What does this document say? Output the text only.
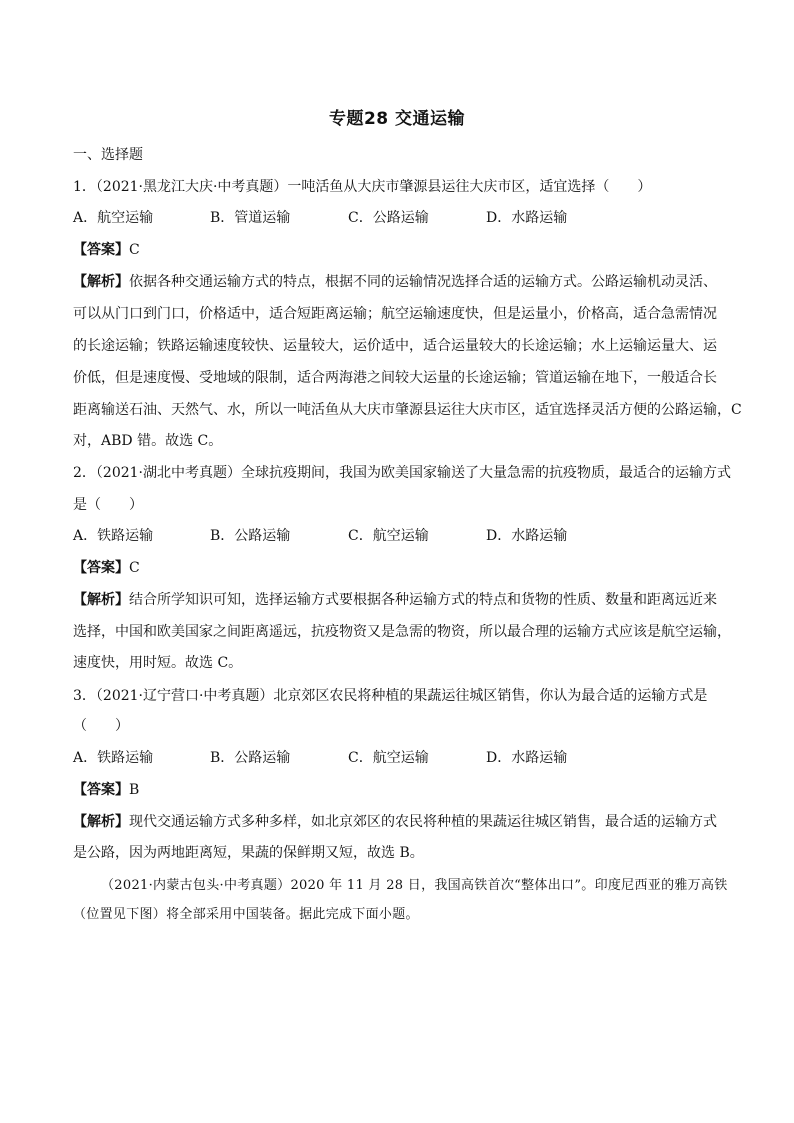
专题28 交通运输
一、选择题
1．（2021·黑龙江大庆·中考真题）一吨活鱼从大庆市肇源县运往大庆市区，适宜选择（　　）
A．航空运输	B．管道运输	C．公路运输	D．水路运输
【答案】C
【解析】依据各种交通运输方式的特点，根据不同的运输情况选择合适的运输方式。公路运输机动灵活、
可以从门口到门口，价格适中，适合短距离运输；航空运输速度快，但是运量小，价格高，适合急需情况
的长途运输；铁路运输速度较快、运量较大，运价适中，适合运量较大的长途运输；水上运输运量大、运
价低，但是速度慢、受地域的限制，适合两海港之间较大运量的长途运输；管道运输在地下，一般适合长
距离输送石油、天然气、水，所以一吨活鱼从大庆市肇源县运往大庆市区，适宜选择灵活方便的公路运输，C
对，ABD 错。故选 C。
2．（2021·湖北中考真题）全球抗疫期间，我国为欧美国家输送了大量急需的抗疫物质，最适合的运输方式
是（　　）
A．铁路运输	B．公路运输	C．航空运输	D．水路运输
【答案】C
【解析】结合所学知识可知，选择运输方式要根据各种运输方式的特点和货物的性质、数量和距离远近来
选择，中国和欧美国家之间距离遥远，抗疫物资又是急需的物资，所以最合理的运输方式应该是航空运输，
速度快，用时短。故选 C。
3．（2021·辽宁营口·中考真题）北京郊区农民将种植的果蔬运往城区销售，你认为最合适的运输方式是
（　　）
A．铁路运输	B．公路运输	C．航空运输	D．水路运输
【答案】B
【解析】现代交通运输方式多种多样，如北京郊区的农民将种植的果蔬运往城区销售，最合适的运输方式
是公路，因为两地距离短，果蔬的保鲜期又短，故选 B。
（2021·内蒙古包头·中考真题）2020 年 11 月 28 日，我国高铁首次“整体出口”。印度尼西亚的雅万高铁
（位置见下图）将全部采用中国装备。据此完成下面小题。
